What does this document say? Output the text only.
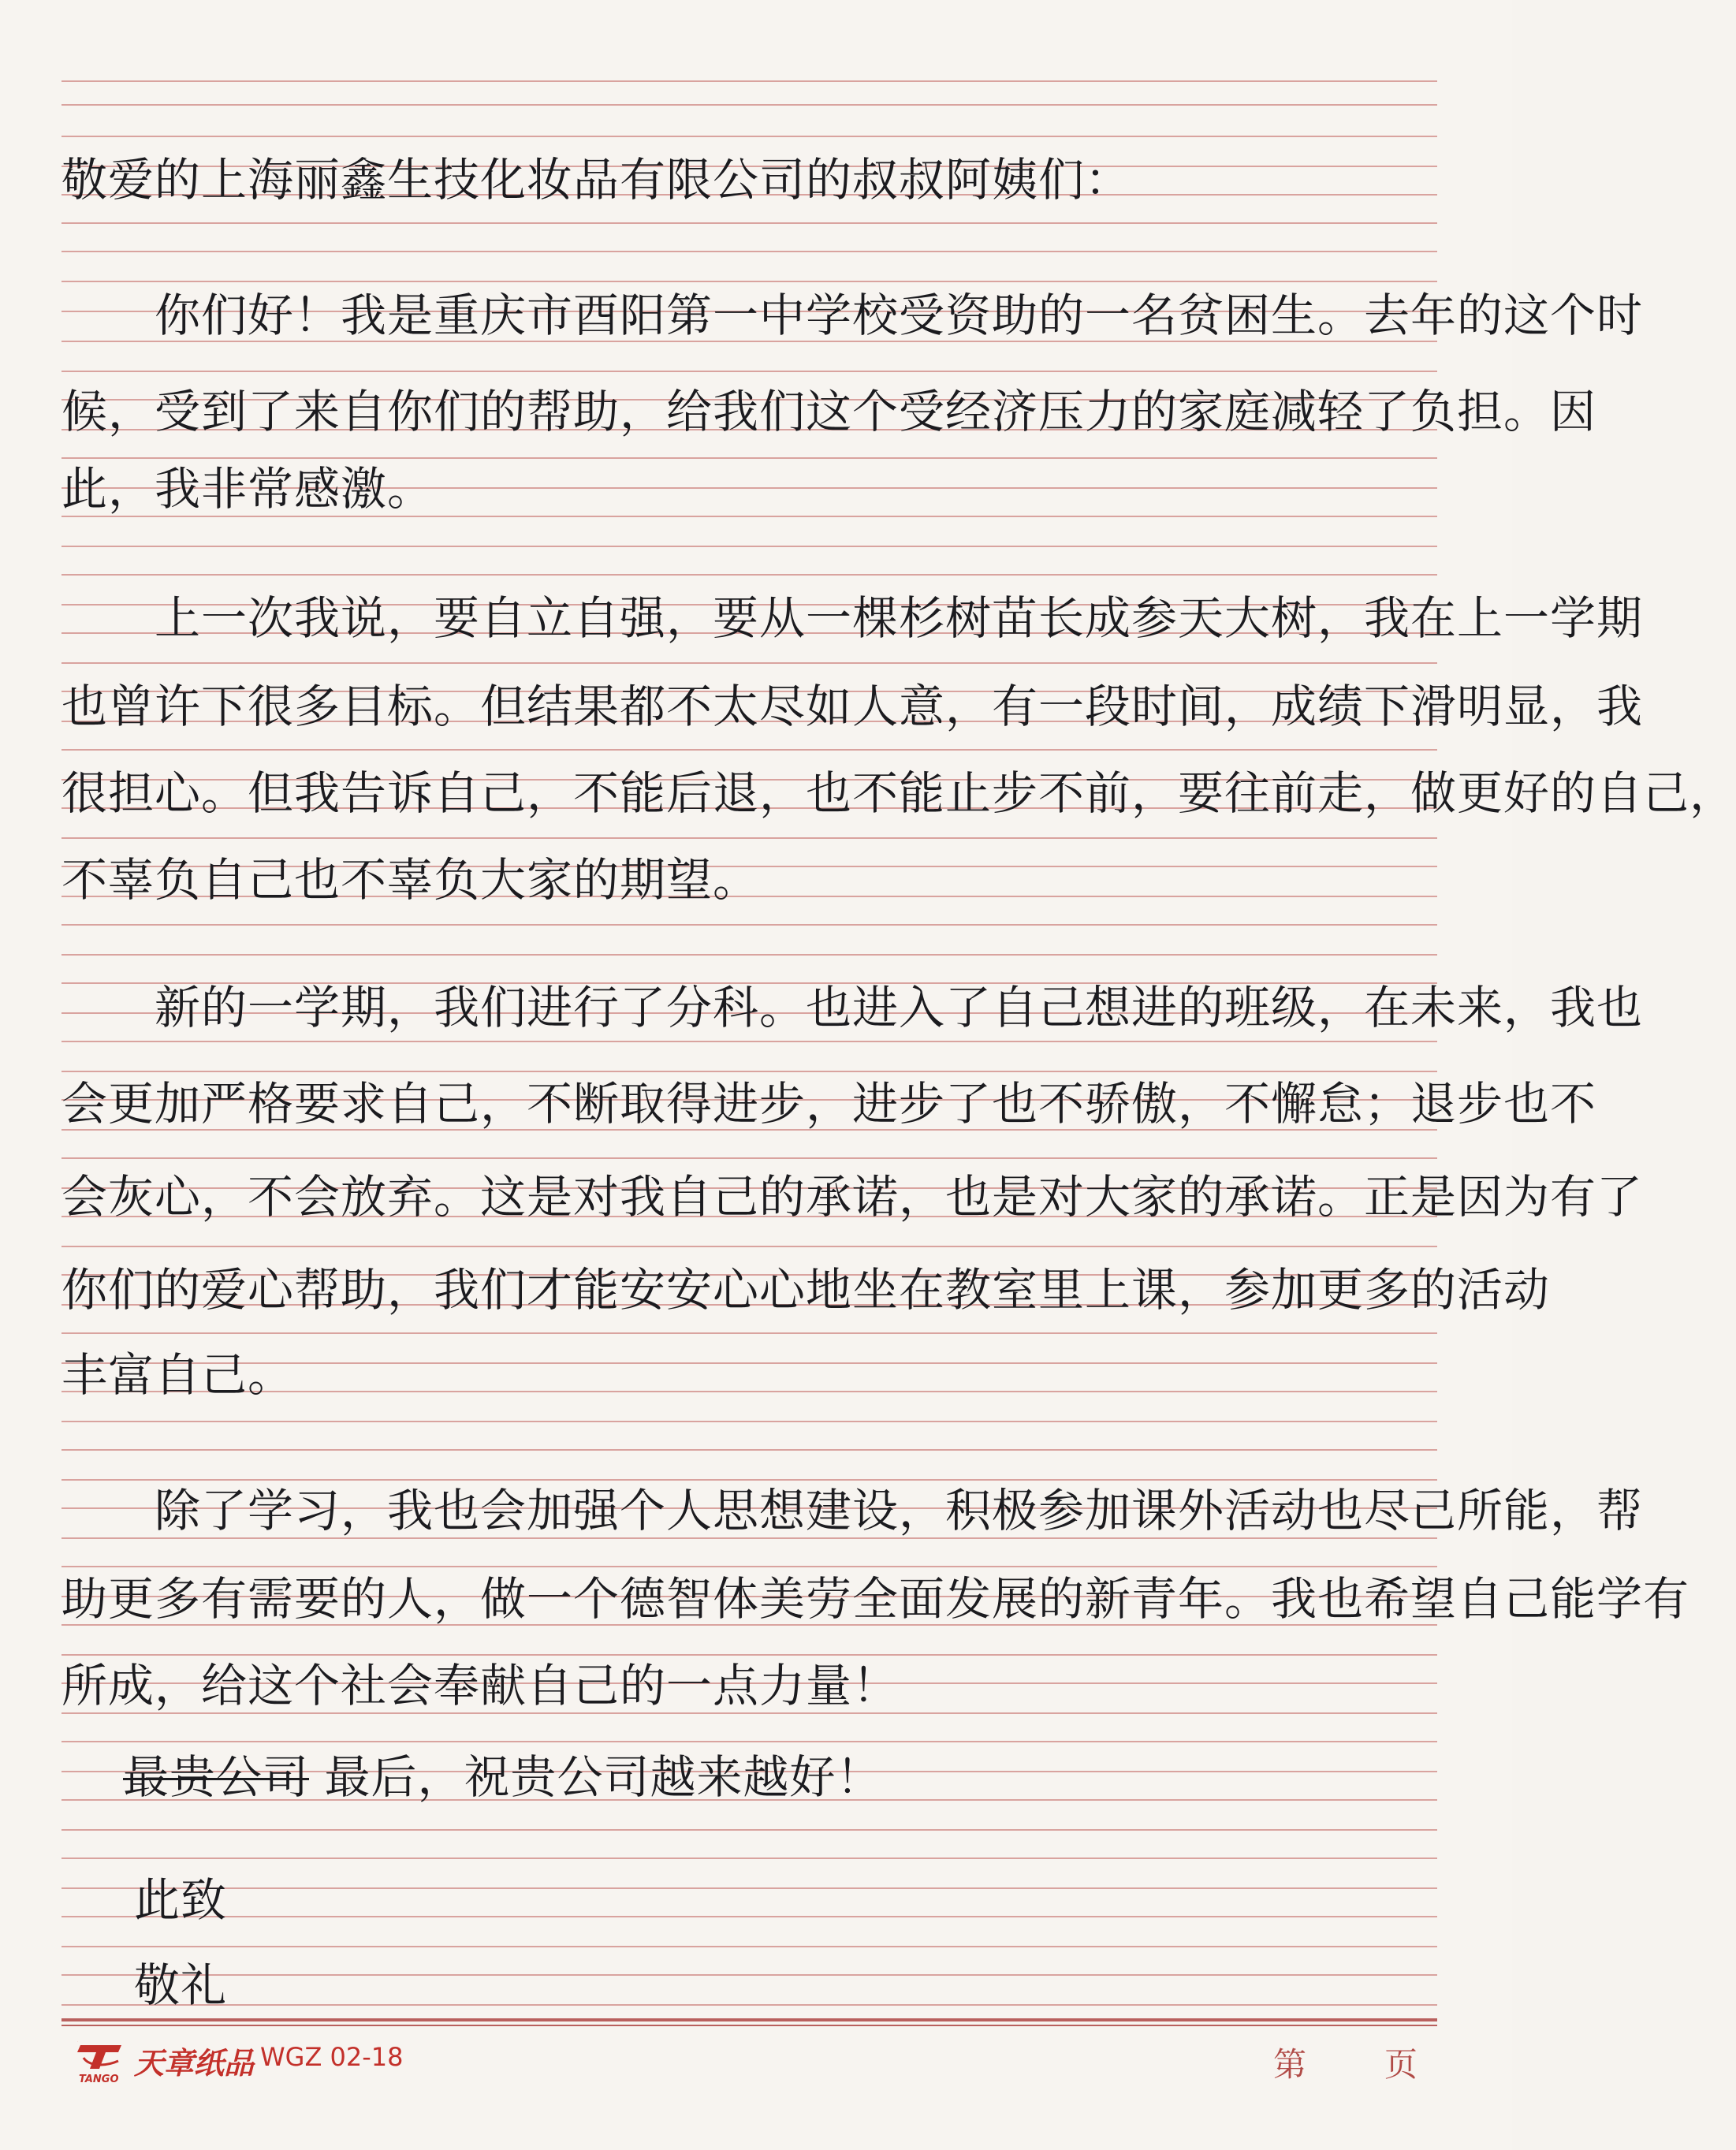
敬爱的上海丽鑫生技化妆品有限公司的叔叔阿姨们：
　　你们好！我是重庆市酉阳第一中学校受资助的一名贫困生。去年的这个时
候，受到了来自你们的帮助，给我们这个受经济压力的家庭减轻了负担。因
此，我非常感激。
　　上一次我说，要自立自强，要从一棵杉树苗长成参天大树，我在上一学期
也曾许下很多目标。但结果都不太尽如人意，有一段时间，成绩下滑明显，我
很担心。但我告诉自己，不能后退，也不能止步不前，要往前走，做更好的自己，
不辜负自己也不辜负大家的期望。
　　新的一学期，我们进行了分科。也进入了自己想进的班级，在未来，我也
会更加严格要求自己，不断取得进步，进步了也不骄傲，不懈怠；退步也不
会灰心，不会放弃。这是对我自己的承诺，也是对大家的承诺。正是因为有了
你们的爱心帮助，我们才能安安心心地坐在教室里上课，参加更多的活动
丰富自己。
　　除了学习，我也会加强个人思想建设，积极参加课外活动也尽己所能，帮
助更多有需要的人，做一个德智体美劳全面发展的新青年。我也希望自己能学有
所成，给这个社会奉献自己的一点力量！
最贵公司 最后，祝贵公司越来越好！
此致
敬礼
T
TANGO 天章纸品 WGZ 02-18	第 页
